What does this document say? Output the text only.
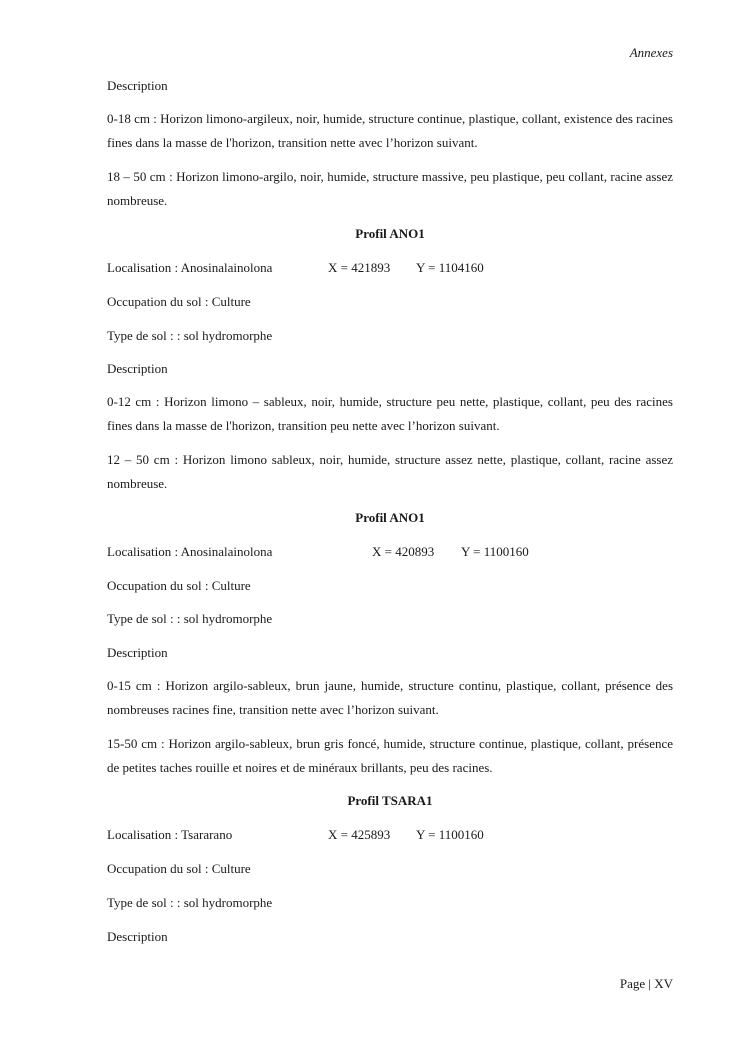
Annexes
Description
0-18 cm : Horizon limono-argileux, noir, humide, structure continue, plastique, collant, existence des racines fines dans la masse de l'horizon, transition nette avec l’horizon suivant.
18 – 50 cm : Horizon limono-argilo, noir, humide, structure massive, peu plastique, peu collant, racine assez nombreuse.
Profil ANO1
Localisation : Anosinalainolona	X = 421893 Y = 1104160
Occupation du sol : Culture
Type de sol : : sol hydromorphe
Description
0-12 cm : Horizon limono – sableux, noir, humide, structure peu nette, plastique, collant, peu des racines fines dans la masse de l'horizon, transition peu nette avec l’horizon suivant.
12 – 50 cm : Horizon limono sableux, noir, humide, structure assez nette, plastique, collant, racine assez nombreuse.
Profil ANO1
Localisation : Anosinalainolona	X = 420893 Y = 1100160
Occupation du sol : Culture
Type de sol : : sol hydromorphe
Description
0-15 cm : Horizon argilo-sableux, brun jaune, humide, structure continu, plastique, collant, présence des nombreuses racines fine, transition nette avec l’horizon suivant.
15-50 cm : Horizon argilo-sableux, brun gris foncé, humide, structure continue, plastique, collant, présence de petites taches rouille et noires et de minéraux brillants, peu des racines.
Profil TSARA1
Localisation : Tsararano	X = 425893 Y = 1100160
Occupation du sol : Culture
Type de sol : : sol hydromorphe
Description
Page | XV
